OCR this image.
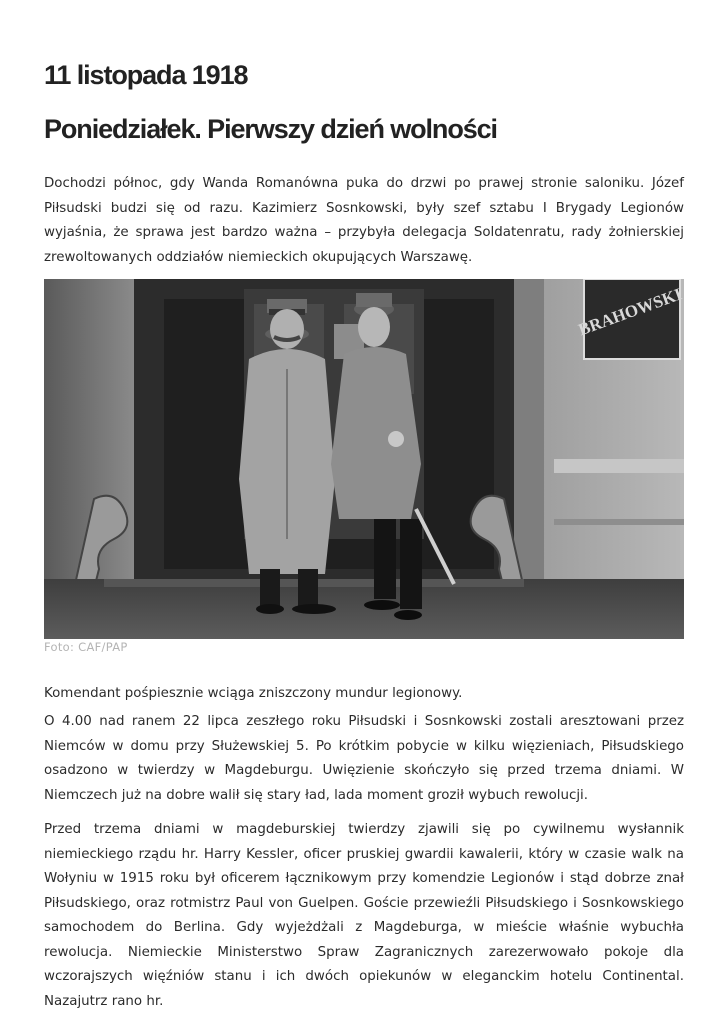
11 listopada 1918
Poniedziałek. Pierwszy dzień wolności

Dochodzi północ, gdy Wanda Romanówna puka do drzwi po prawej stronie saloniku. Józef Piłsudski budzi się od razu. Kazimierz Sosnkowski, były szef sztabu I Brygady Legionów wyjaśnia, że sprawa jest bardzo ważna – przybyła delegacja Soldatenratu, rady żołnierskiej zrewoltowanych oddziałów niemieckich okupujących Warszawę.

BRAHOWSKI
Foto: CAF/PAP

Komendant pośpiesznie wciąga zniszczony mundur legionowy.

O 4.00 nad ranem 22 lipca zeszłego roku Piłsudski i Sosnkowski zostali aresztowani przez Niemców w domu przy Służewskiej 5. Po krótkim pobycie w kilku więzieniach, Piłsudskiego osadzono w twierdzy w Magdeburgu. Uwięzienie skończyło się przed trzema dniami. W Niemczech już na dobre walił się stary ład, lada moment groził wybuch rewolucji.

Przed trzema dniami w magdeburskiej twierdzy zjawili się po cywilnemu wysłannik niemieckiego rządu hr. Harry Kessler, oficer pruskiej gwardii kawalerii, który w czasie walk na Wołyniu w 1915 roku był oficerem łącznikowym przy komendzie Legionów i stąd dobrze znał Piłsudskiego, oraz rotmistrz Paul von Guelpen. Goście przewieźli Piłsudskiego i Sosnkowskiego samochodem do Berlina. Gdy wyjeżdżali z Magdeburga, w mieście właśnie wybuchła rewolucja. Niemieckie Ministerstwo Spraw Zagranicznych zarezerwowało pokoje dla wczorajszych więźniów stanu i ich dwóch opiekunów w eleganckim hotelu Continental. Nazajutrz rano hr.
